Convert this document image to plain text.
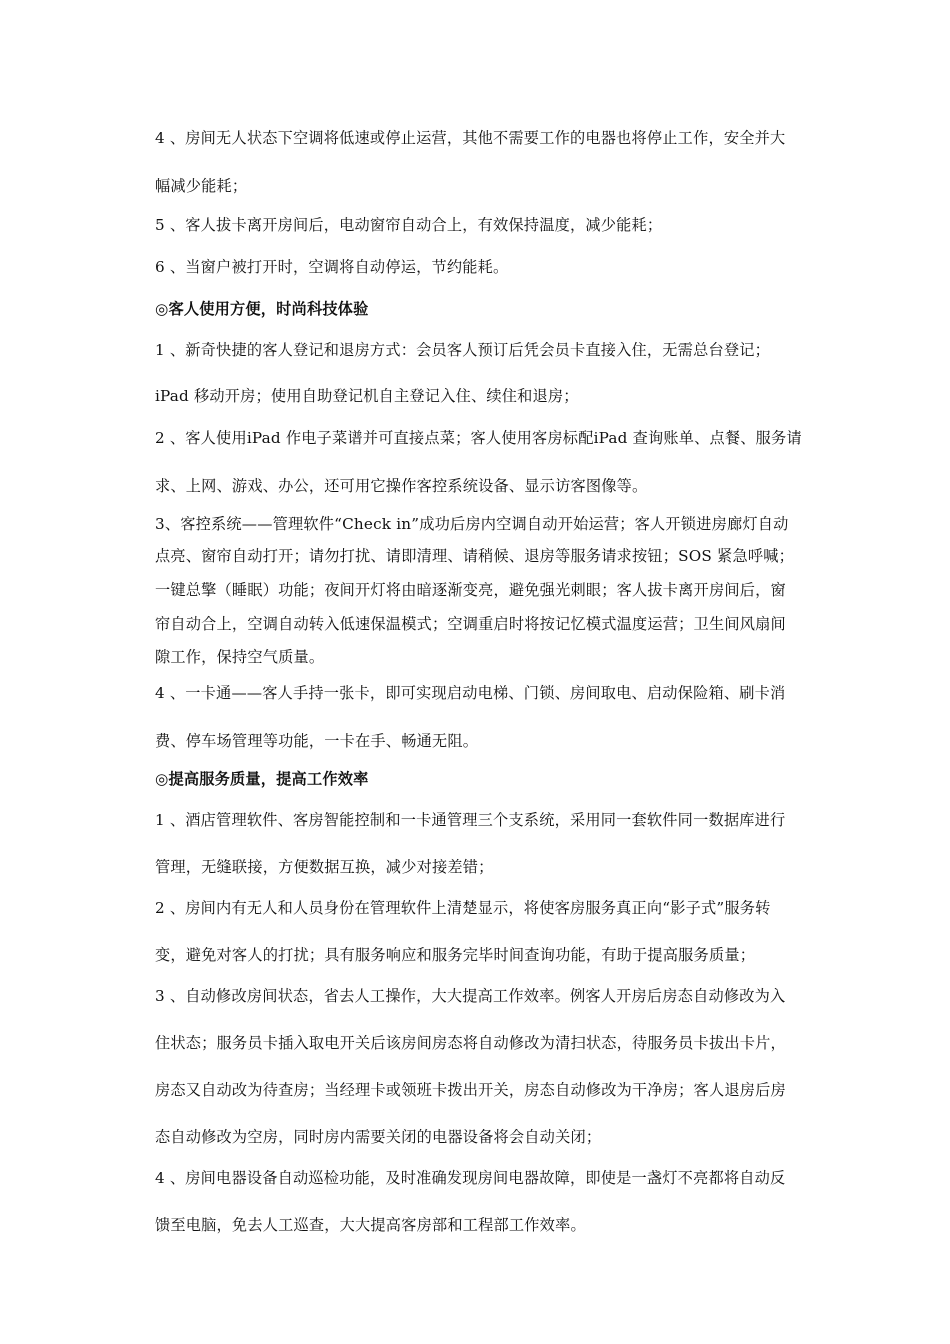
4 、房间无人状态下空调将低速或停止运营，其他不需要工作的电器也将停止工作，安全并大
幅减少能耗；
5 、客人拔卡离开房间后，电动窗帘自动合上，有效保持温度，减少能耗；
6 、当窗户被打开时，空调将自动停运，节约能耗。
◎客人使用方便，时尚科技体验
1 、新奇快捷的客人登记和退房方式：会员客人预订后凭会员卡直接入住，无需总台登记；
iPad 移动开房；使用自助登记机自主登记入住、续住和退房；
2 、客人使用iPad 作电子菜谱并可直接点菜；客人使用客房标配iPad 查询账单、点餐、服务请
求、上网、游戏、办公，还可用它操作客控系统设备、显示访客图像等。
3、客控系统——管理软件“Check in”成功后房内空调自动开始运营；客人开锁进房廊灯自动
点亮、窗帘自动打开；请勿打扰、请即清理、请稍候、退房等服务请求按钮；SOS 紧急呼喊；
一键总擎（睡眠）功能；夜间开灯将由暗逐渐变亮，避免强光刺眼；客人拔卡离开房间后，窗
帘自动合上，空调自动转入低速保温模式；空调重启时将按记忆模式温度运营；卫生间风扇间
隙工作，保持空气质量。
4 、一卡通——客人手持一张卡，即可实现启动电梯、门锁、房间取电、启动保险箱、刷卡消
费、停车场管理等功能，一卡在手、畅通无阻。
◎提高服务质量，提高工作效率
1 、酒店管理软件、客房智能控制和一卡通管理三个支系统，采用同一套软件同一数据库进行
管理，无缝联接，方便数据互换，减少对接差错；
2 、房间内有无人和人员身份在管理软件上清楚显示，将使客房服务真正向“影子式”服务转
变，避免对客人的打扰；具有服务响应和服务完毕时间查询功能，有助于提高服务质量；
3 、自动修改房间状态，省去人工操作，大大提高工作效率。例客人开房后房态自动修改为入
住状态；服务员卡插入取电开关后该房间房态将自动修改为清扫状态，待服务员卡拔出卡片，
房态又自动改为待查房；当经理卡或领班卡拨出开关，房态自动修改为干净房；客人退房后房
态自动修改为空房，同时房内需要关闭的电器设备将会自动关闭；
4 、房间电器设备自动巡检功能，及时准确发现房间电器故障，即使是一盏灯不亮都将自动反
馈至电脑，免去人工巡查，大大提高客房部和工程部工作效率。
